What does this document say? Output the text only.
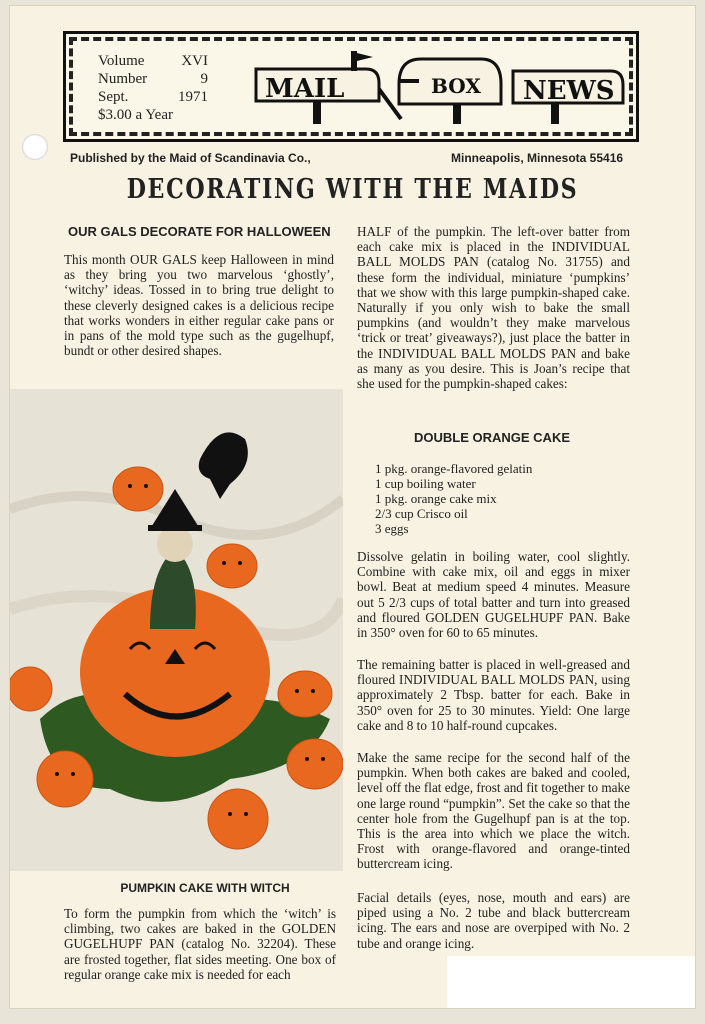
Volume XVI
Number	9
Sept.	1971
$3.00 a Year
MAIL	BOX NEWS
Published by the Maid of Scandinavia Co.,	Minneapolis, Minnesota 55416
DECORATING WITH THE MAIDS
OUR GALS DECORATE FOR HALLOWEEN
This month OUR GALS keep Halloween in mind as they bring you two marvelous ‘ghostly’, ‘witchy’ ideas. Tossed in to bring true delight to these cleverly designed cakes is a delicious recipe that works wonders in either regular cake pans or in pans of the mold type such as the gugelhupf, bundt or other desired shapes.
PUMPKIN CAKE WITH WITCH
To form the pumpkin from which the ‘witch’ is climbing, two cakes are baked in the GOLDEN GUGELHUPF PAN (catalog No. 32204). These are frosted together, flat sides meeting. One box of regular orange cake mix is needed for each
HALF of the pumpkin. The left-over batter from each cake mix is placed in the INDIVIDUAL BALL MOLDS PAN (catalog No. 31755) and these form the individual, miniature ‘pumpkins’ that we show with this large pumpkin-shaped cake. Naturally if you only wish to bake the small pumpkins (and wouldn’t they make marvelous ‘trick or treat’ giveaways?), just place the batter in the INDIVIDUAL BALL MOLDS PAN and bake as many as you desire. This is Joan’s recipe that she used for the pumpkin-shaped cakes:
DOUBLE ORANGE CAKE
1 pkg. orange-flavored gelatin
1 cup boiling water
1 pkg. orange cake mix
2/3 cup Crisco oil
3 eggs
Dissolve gelatin in boiling water, cool slightly. Combine with cake mix, oil and eggs in mixer bowl. Beat at medium speed 4 minutes. Measure out 5 2/3 cups of total batter and turn into greased and floured GOLDEN GUGELHUPF PAN. Bake in 350° oven for 60 to 65 minutes.
The remaining batter is placed in well-greased and floured INDIVIDUAL BALL MOLDS PAN, using approximately 2 Tbsp. batter for each. Bake in 350° oven for 25 to 30 minutes. Yield: One large cake and 8 to 10 half-round cupcakes.
Make the same recipe for the second half of the pumpkin. When both cakes are baked and cooled, level off the flat edge, frost and fit together to make one large round “pumpkin”. Set the cake so that the center hole from the Gugelhupf pan is at the top. This is the area into which we place the witch. Frost with orange-flavored and orange-tinted buttercream icing.
Facial details (eyes, nose, mouth and ears) are piped using a No. 2 tube and black buttercream icing. The ears and nose are overpiped with No. 2 tube and orange icing.
